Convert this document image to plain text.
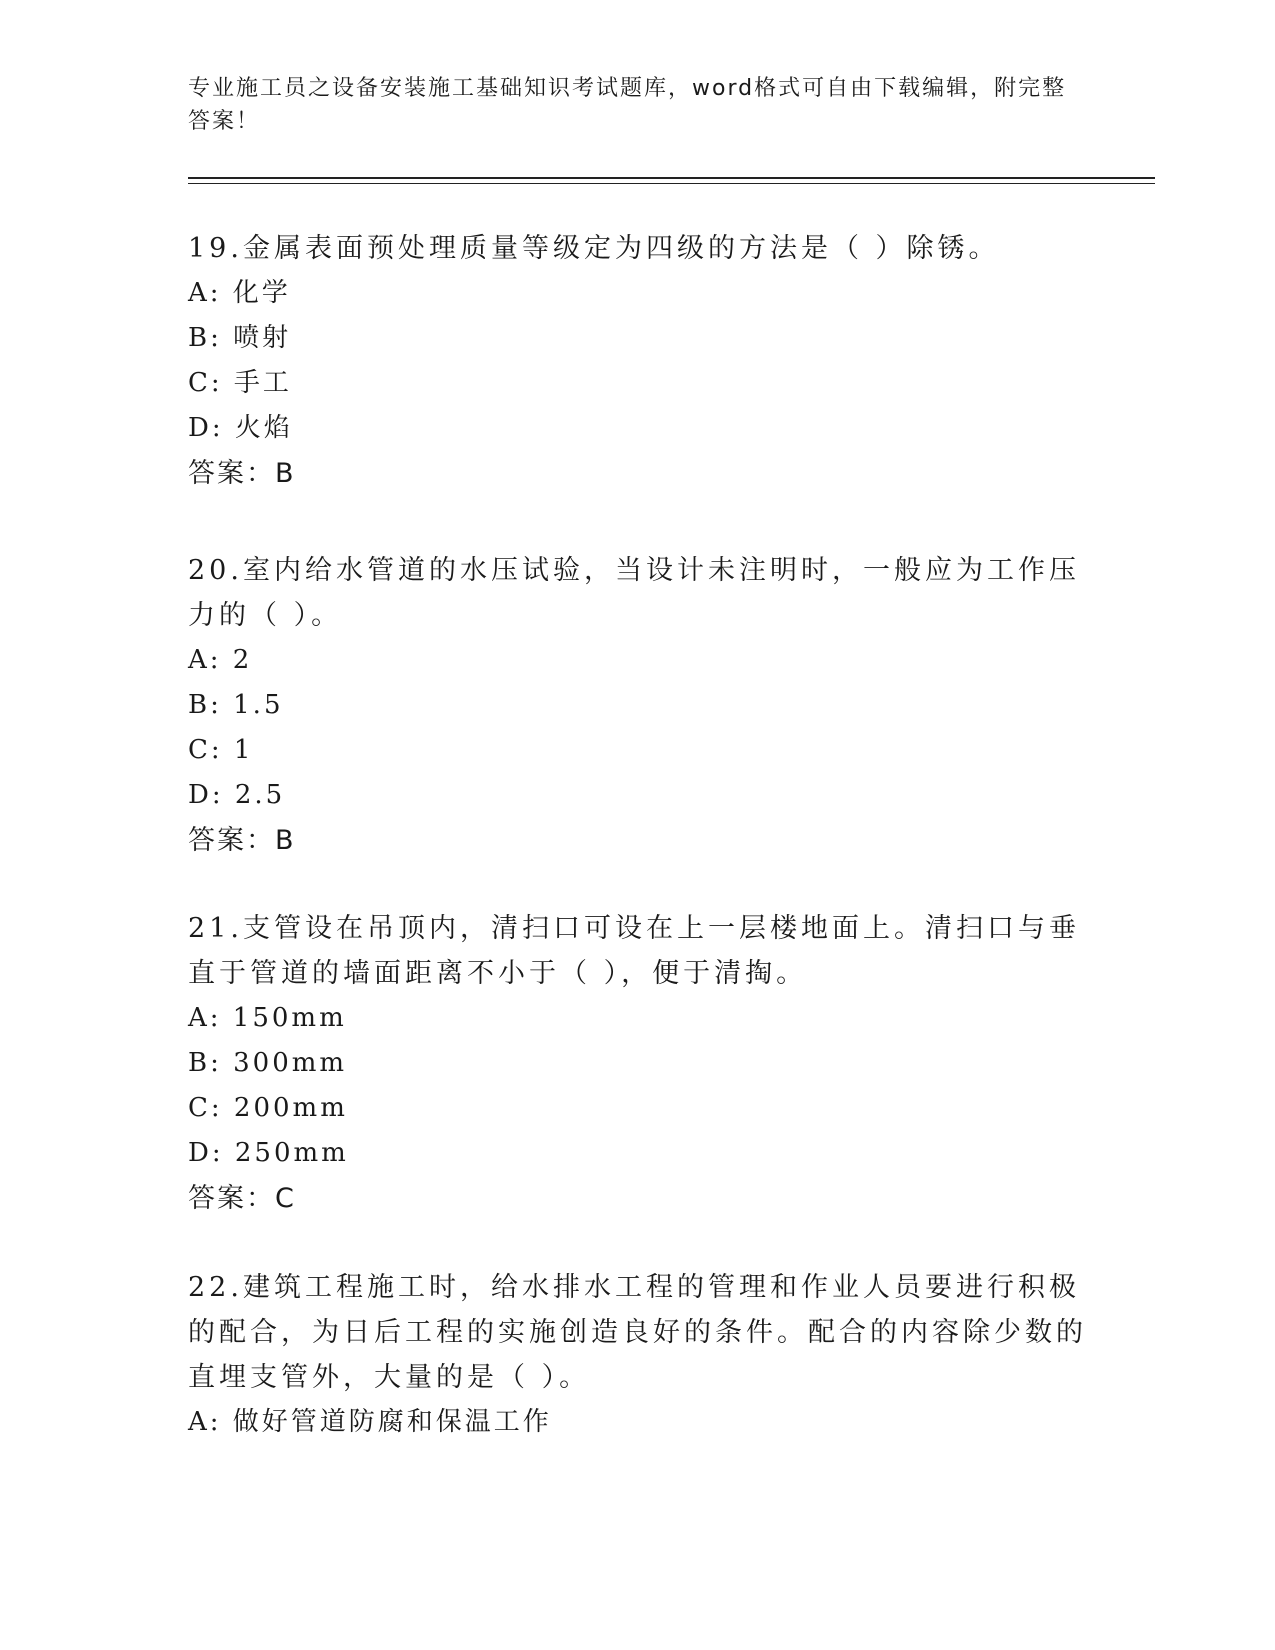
专业施工员之设备安装施工基础知识考试题库，word格式可自由下载编辑，附完整答案！
19.金属表面预处理质量等级定为四级的方法是（ ）除锈。
A: 化学
B: 喷射
C: 手工
D: 火焰
答案：B
20.室内给水管道的水压试验，当设计未注明时，一般应为工作压力的（ ）。
A: 2
B: 1.5
C: 1
D: 2.5
答案：B
21.支管设在吊顶内，清扫口可设在上一层楼地面上。清扫口与垂直于管道的墙面距离不小于（ ），便于清掏。
A: 150mm
B: 300mm
C: 200mm
D: 250mm
答案：C
22.建筑工程施工时，给水排水工程的管理和作业人员要进行积极的配合，为日后工程的实施创造良好的条件。配合的内容除少数的直埋支管外，大量的是（ ）。
A: 做好管道防腐和保温工作
